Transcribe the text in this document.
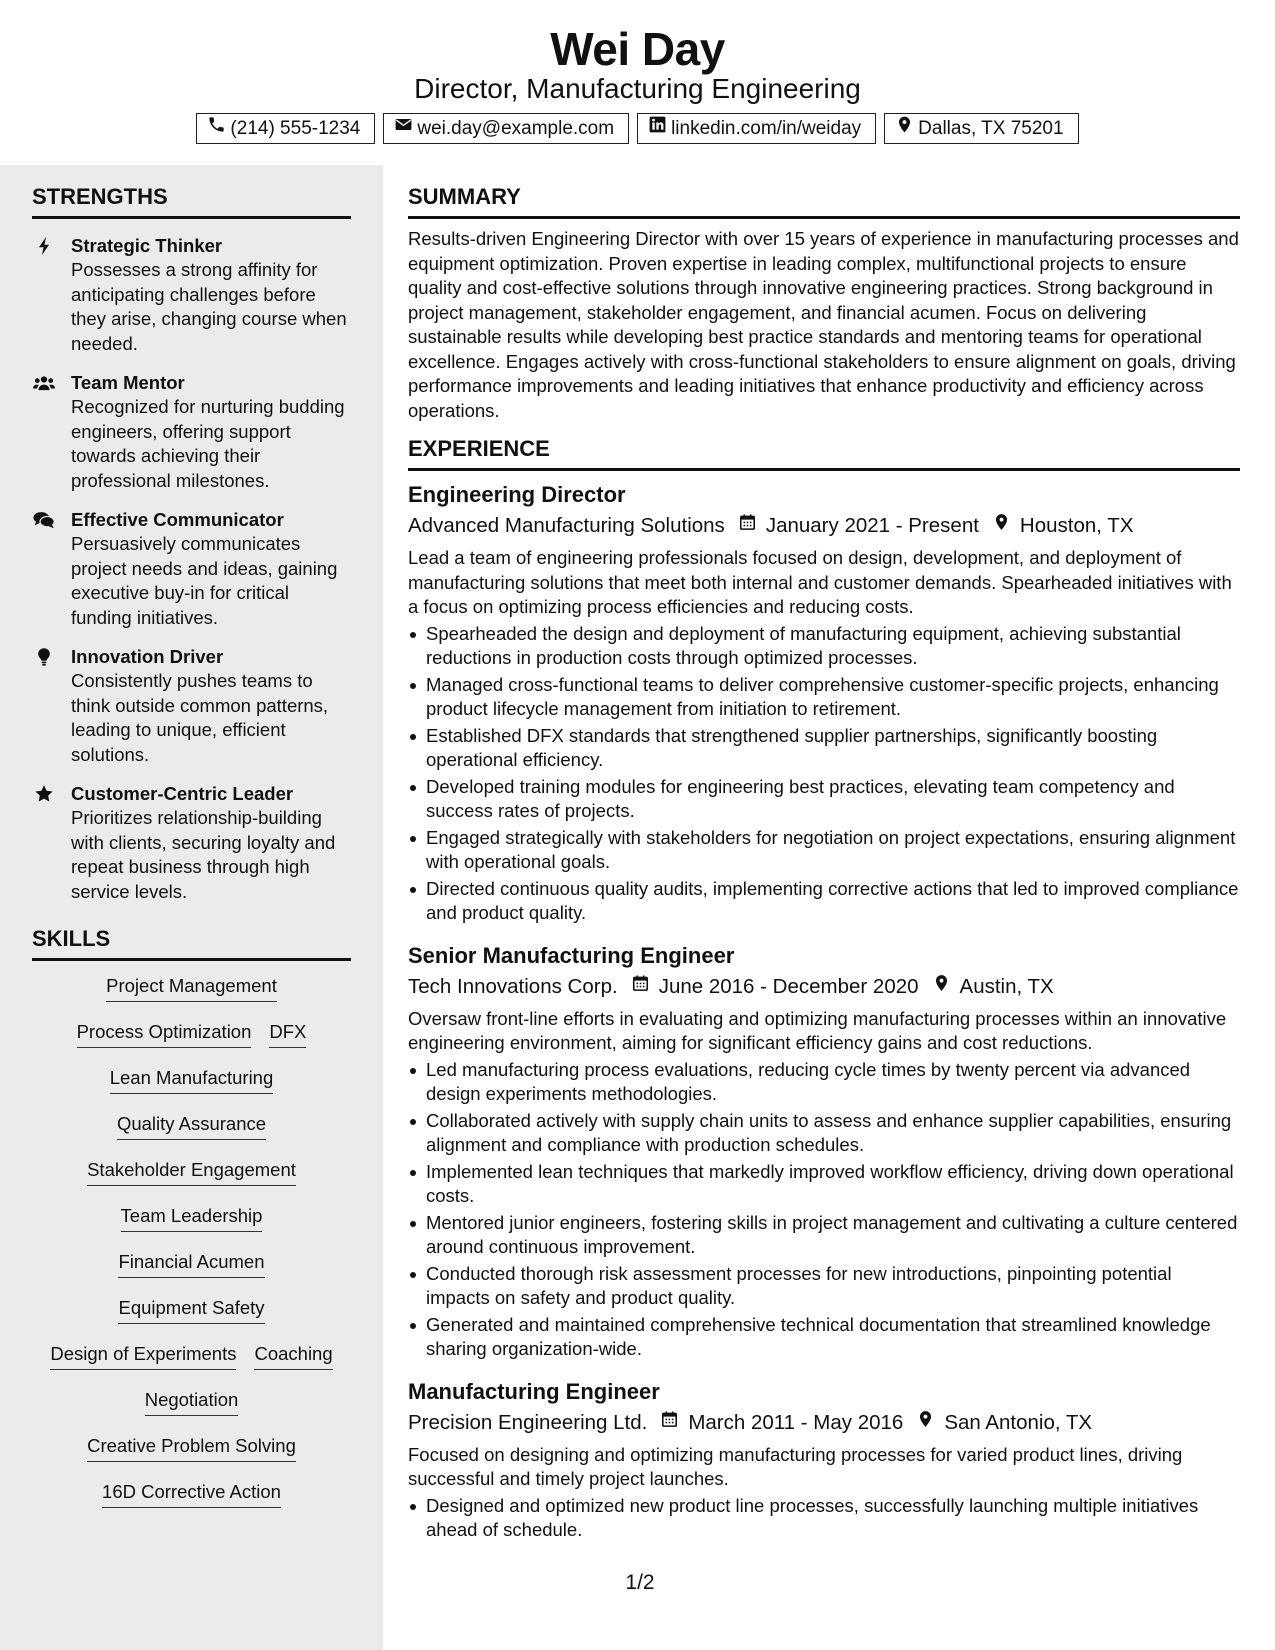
Wei Day
Director, Manufacturing Engineering
(214) 555-1234	wei.day@example.com	linkedin.com/in/weiday	Dallas, TX 75201
STRENGTHS
Strategic Thinker
Possesses a strong affinity for anticipating challenges before they arise, changing course when needed.
Team Mentor
Recognized for nurturing budding engineers, offering support towards achieving their professional milestones.
Effective Communicator
Persuasively communicates project needs and ideas, gaining executive buy-in for critical funding initiatives.
Innovation Driver
Consistently pushes teams to think outside common patterns, leading to unique, efficient solutions.
Customer-Centric Leader
Prioritizes relationship-building with clients, securing loyalty and repeat business through high service levels.
SKILLS
Project Management
Process Optimization DFX
Lean Manufacturing
Quality Assurance
Stakeholder Engagement
Team Leadership
Financial Acumen
Equipment Safety
Design of Experiments Coaching
Negotiation
Creative Problem Solving
16D Corrective Action
SUMMARY
Results-driven Engineering Director with over 15 years of experience in manufacturing processes and equipment optimization. Proven expertise in leading complex, multifunctional projects to ensure quality and cost-effective solutions through innovative engineering practices. Strong background in project management, stakeholder engagement, and financial acumen. Focus on delivering sustainable results while developing best practice standards and mentoring teams for operational excellence. Engages actively with cross-functional stakeholders to ensure alignment on goals, driving performance improvements and leading initiatives that enhance productivity and efficiency across operations.
EXPERIENCE
Engineering Director
Advanced Manufacturing Solutions January 2021 - Present Houston, TX
Lead a team of engineering professionals focused on design, development, and deployment of manufacturing solutions that meet both internal and customer demands. Spearheaded initiatives with a focus on optimizing process efficiencies and reducing costs.
Spearheaded the design and deployment of manufacturing equipment, achieving substantial reductions in production costs through optimized processes.
Managed cross-functional teams to deliver comprehensive customer-specific projects, enhancing product lifecycle management from initiation to retirement.
Established DFX standards that strengthened supplier partnerships, significantly boosting operational efficiency.
Developed training modules for engineering best practices, elevating team competency and success rates of projects.
Engaged strategically with stakeholders for negotiation on project expectations, ensuring alignment with operational goals.
Directed continuous quality audits, implementing corrective actions that led to improved compliance and product quality.
Senior Manufacturing Engineer
Tech Innovations Corp. June 2016 - December 2020 Austin, TX
Oversaw front-line efforts in evaluating and optimizing manufacturing processes within an innovative engineering environment, aiming for significant efficiency gains and cost reductions.
Led manufacturing process evaluations, reducing cycle times by twenty percent via advanced design experiments methodologies.
Collaborated actively with supply chain units to assess and enhance supplier capabilities, ensuring alignment and compliance with production schedules.
Implemented lean techniques that markedly improved workflow efficiency, driving down operational costs.
Mentored junior engineers, fostering skills in project management and cultivating a culture centered around continuous improvement.
Conducted thorough risk assessment processes for new introductions, pinpointing potential impacts on safety and product quality.
Generated and maintained comprehensive technical documentation that streamlined knowledge sharing organization-wide.
Manufacturing Engineer
Precision Engineering Ltd. March 2011 - May 2016 San Antonio, TX
Focused on designing and optimizing manufacturing processes for varied product lines, driving successful and timely project launches.
Designed and optimized new product line processes, successfully launching multiple initiatives ahead of schedule.
1/2
